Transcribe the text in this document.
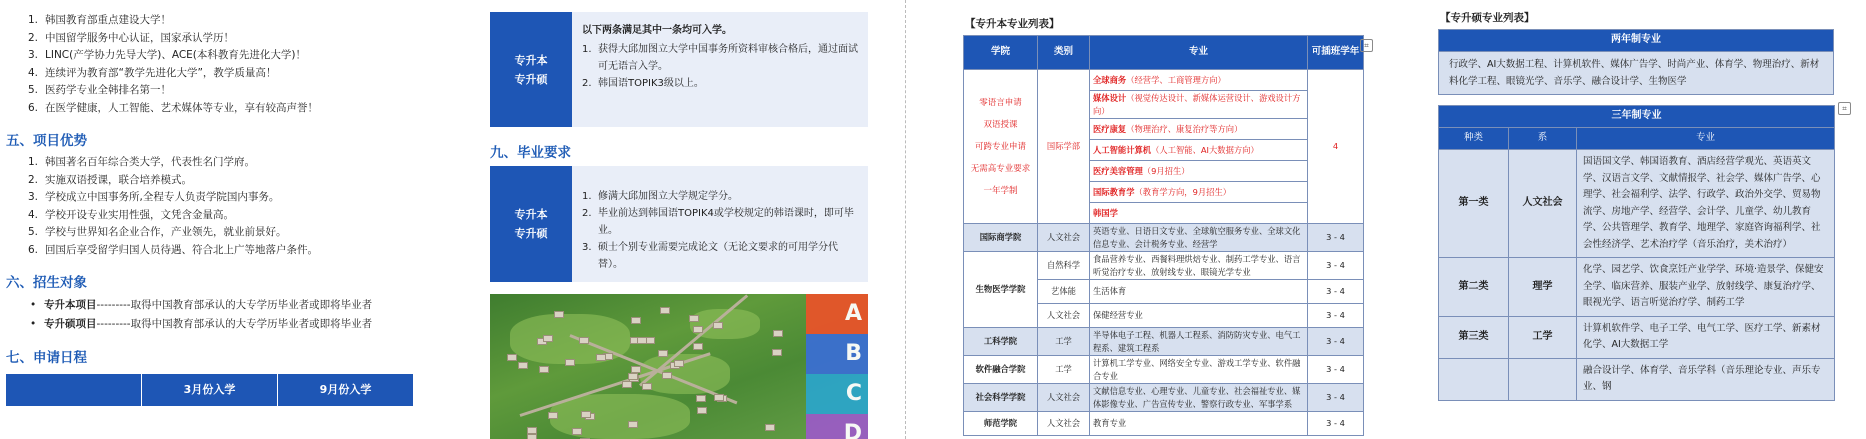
1. 韩国教育部重点建设大学！
2. 中国留学服务中心认证，国家承认学历！
3. LINC(产学协力先导大学)、ACE(本科教育先进化大学)！
4. 连续评为教育部“教学先进化大学”，教学质量高！
5. 医药学专业全韩排名第一！
6. 在医学健康，人工智能、艺术媒体等专业，享有较高声誉！
五、项目优势
1. 韩国著名百年综合类大学，代表性名门学府。
2. 实施双语授课，联合培养模式。
3. 学校成立中国事务所,全程专人负责学院国内事务。
4. 学校开设专业实用性强，文凭含金量高。
5. 学校与世界知名企业合作，产业领先，就业前景好。
6. 回国后享受留学归国人员待遇、符合北上广等地落户条件。
六、招生对象
• 专升本项目---------取得中国教育部承认的大专学历毕业者或即将毕业者
• 专升硕项目---------取得中国教育部承认的大专学历毕业者或即将毕业者
七、申请日程
3月份入学	9月份入学
专升本
专升硕
以下两条满足其中一条均可入学。
1. 获得大邱加图立大学中国事务所资料审核合格后，通过面试可无语言入学。
2. 韩国语TOPIK3级以上。
九、毕业要求
专升本
专升硕
1. 修满大邱加图立大学规定学分。
2. 毕业前达到韩国语TOPIK4或学校规定的韩语课时，即可毕业。
3. 硕士个别专业需要完成论文（无论文要求的可用学分代替）。
A
B
C
D
【专升本专业列表】
学院	类别	专业	可插班学年

零语言申请
双语授课
可跨专业申请
无需高专业要求
一年学制	国际学部	全球商务（经营学、工商管理方向）	4
		媒体设计（视觉传达设计、新媒体运营设计、游戏设计方向）	
		医疗康复（物理治疗、康复治疗等方向）	
		人工智能计算机（人工智能、AI大数据方向）	
		医疗美容管理（9月招生）	
		国际教育学（教育学方向，9月招生）	
		韩国学	
国际商学院	人文社会	英语专业、日语日文专业、全球航空服务专业、全球文化信息专业、会计税务专业、经营学	3 - 4
生物医学学院	自然科学	食品营养专业、西餐料理烘焙专业、制药工学专业、语言听觉治疗专业、放射线专业、眼镜光学专业	3 - 4
	艺体能	生活体育	3 - 4
	人文社会	保健经营专业	3 - 4
工科学院	工学	半导体电子工程、机器人工程系、消防防灾专业、电气工程系、建筑工程系	3 - 4
软件融合学院	工学	计算机工学专业、网络安全专业、游戏工学专业、软件融合专业	3 - 4
社会科学学院	人文社会	文献信息专业、心理专业、儿童专业、社会福祉专业、媒体影像专业、广告宣传专业、警察行政专业、军事学系	3 - 4
师范学院	人文社会	教育专业	3 - 4
⌗
【专升硕专业列表】
两年制专业
行政学、AI大数据工程、计算机软件、媒体广告学、时尚产业、体育学、物理治疗、新材料化学工程、眼镜光学、音乐学、融合设计学、生物医学
三年制专业		
种类	系	专业
第一类	人文社会	国语国文学、韩国语教育、酒店经营学观光、英语英文学、汉语言文学、文献情报学、社会学、媒体广告学、心理学、社会福利学、法学、行政学、政治外交学、贸易物流学、房地产学、经营学、会计学、儿童学、幼儿教育学、公共管理学、教育学、地理学、家庭咨询福利学、社会性经济学、艺术治疗学（音乐治疗，美术治疗）
第二类	理学	化学、园艺学、饮食烹饪产业学学、环境·造景学、保健安全学、临床营养、服装产业学、放射线学、康复治疗学、眼视光学、语言听觉治疗学、制药工学
第三类	工学	计算机软件学、电子工学、电气工学、医疗工学、新素材化学、AI大数据工学
		融合设计学、体育学、音乐学科（音乐理论专业、声乐专业、钢
⌗
